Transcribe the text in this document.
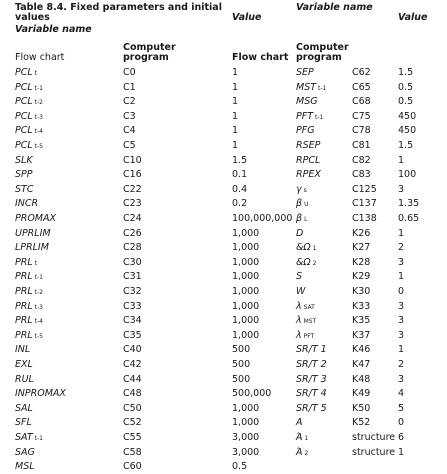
Table 8.4. Fixed parameters and initial
values
Variable name
Value
Variable name
Value
Computer
program
Flow chart	Flow chart
Computer
program
PCL t	C0	1	SEP	C62	1.5
PCL t-1	C1	1	MST t-1	C65	0.5
PCL t-2	C2	1	MSG	C68	0.5
PCL t-3	C3	1	PFT t-1	C75	450
PCL t-4	C4	1	PFG	C78	450
PCL t-5	C5	1	RSEP	C81	1.5
SLK	C10	1.5	RPCL	C82	1
SPP	C16	0.1	RPEX	C83	100
STC	C22	0.4	γs	C125 3
INCR	C23	0.2	β U	C137 1.35
PROMAX	C24	100,000,000 β L	C138 0.65
UPRLIM	C26	1,000	D	K26	1
LPRLIM	C28	1,000	&Ω 1	K27	2
PRL t	C30	1,000	&Ω 2	K28	3
PRL t-1	C31	1,000	S	K29	1
PRL t-2	C32	1,000	W	K30	0
PRL t-3	C33	1,000	λSAT	K33	3
PRL t-4	C34	1,000	λMST	K35	3
PRL t-5	C35	1,000	λPFT	K37	3
INL	C40	500	SR/T 1	K46	1
EXL	C42	500	SR/T 2	K47	2
RUL	C44	500	SR/T 3	K48	3
INPROMAX	C48	500,000	SR/T 4	K49	4
SAL	C50	1,000	SR/T 5	K50	5
SFL	C52	1,000	A	K52	0
SAT t-1	C55	3,000	Ά 1	structure 6
SAG	C58	3,000	Ά 2	structure 1
MSL	C60	0.5
